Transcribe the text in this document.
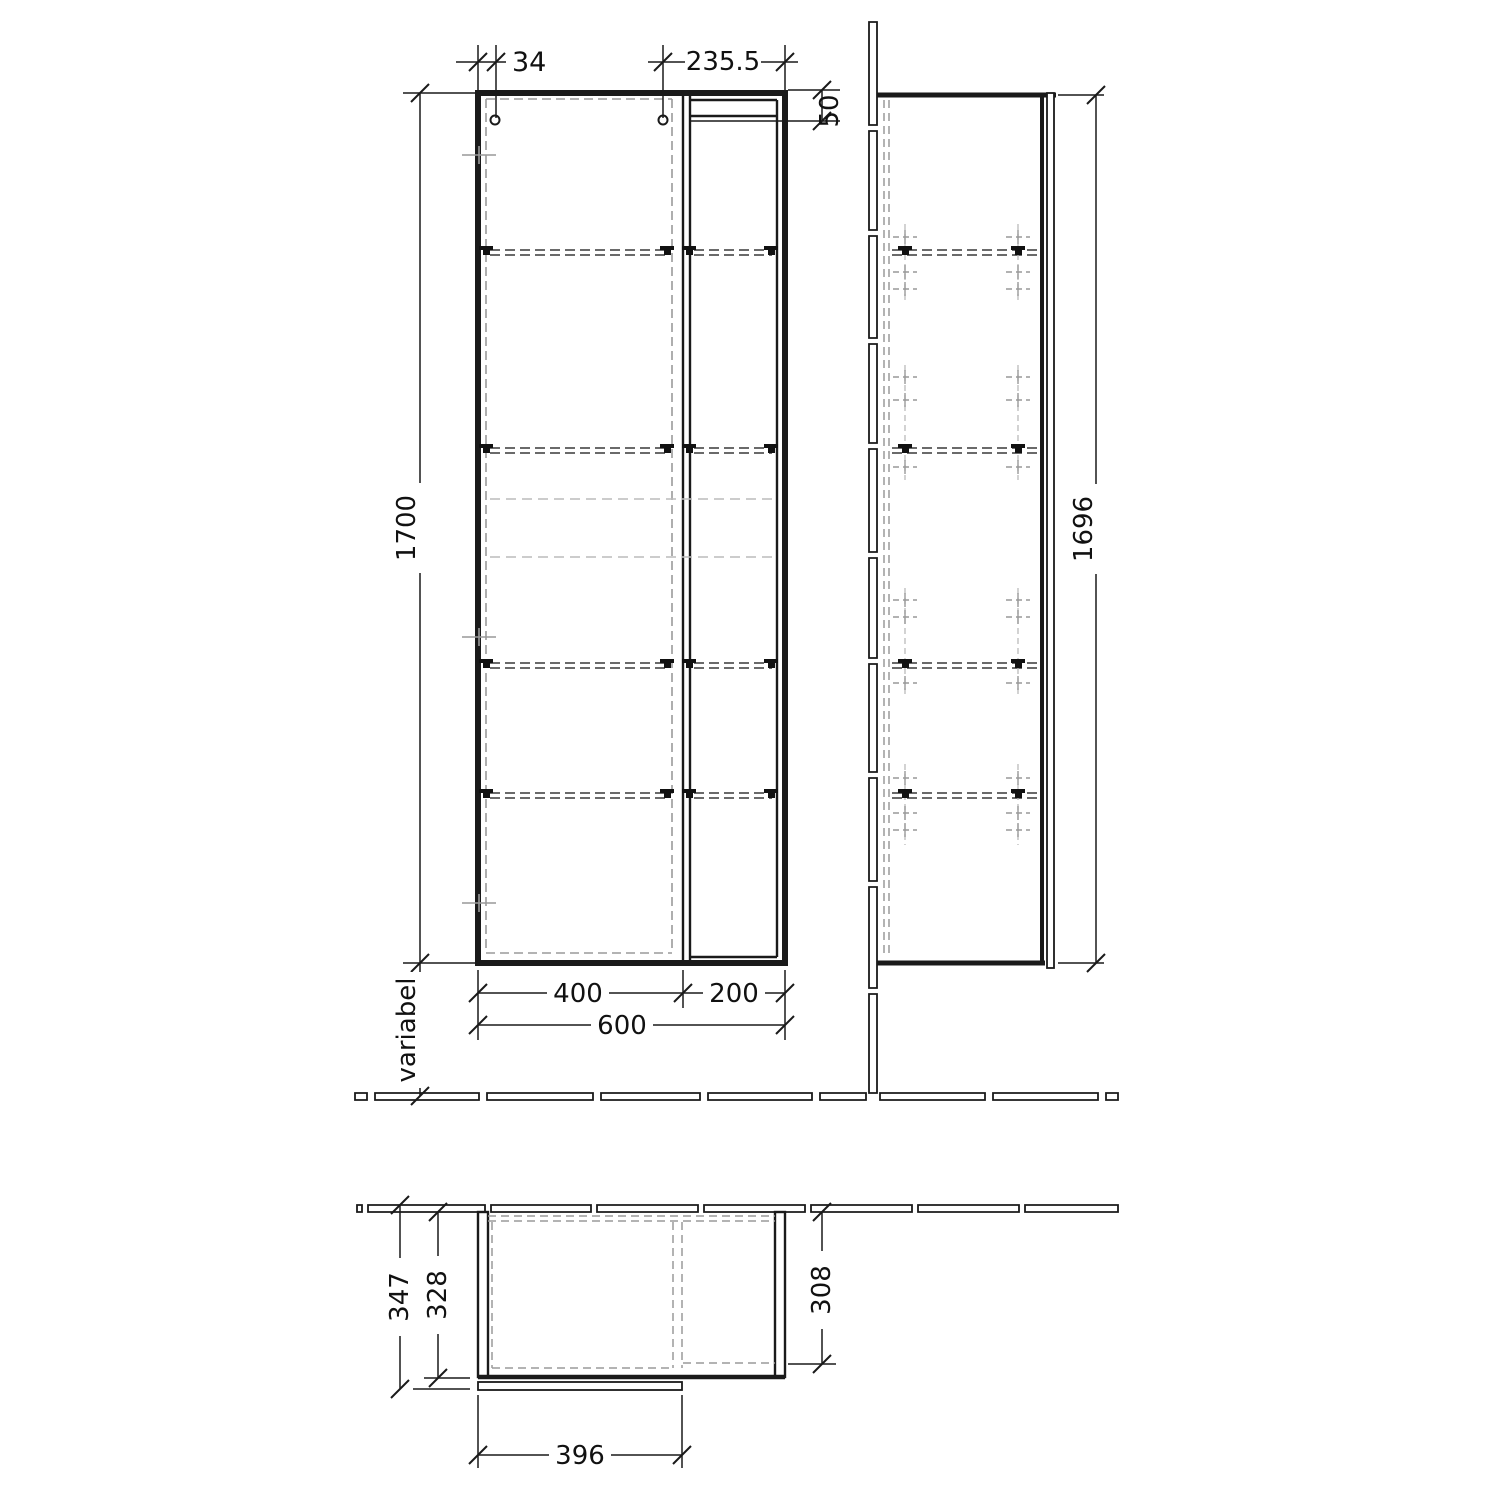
34	235.5
50
1700
variabel	400	200
600
1696
347 328	308
396
